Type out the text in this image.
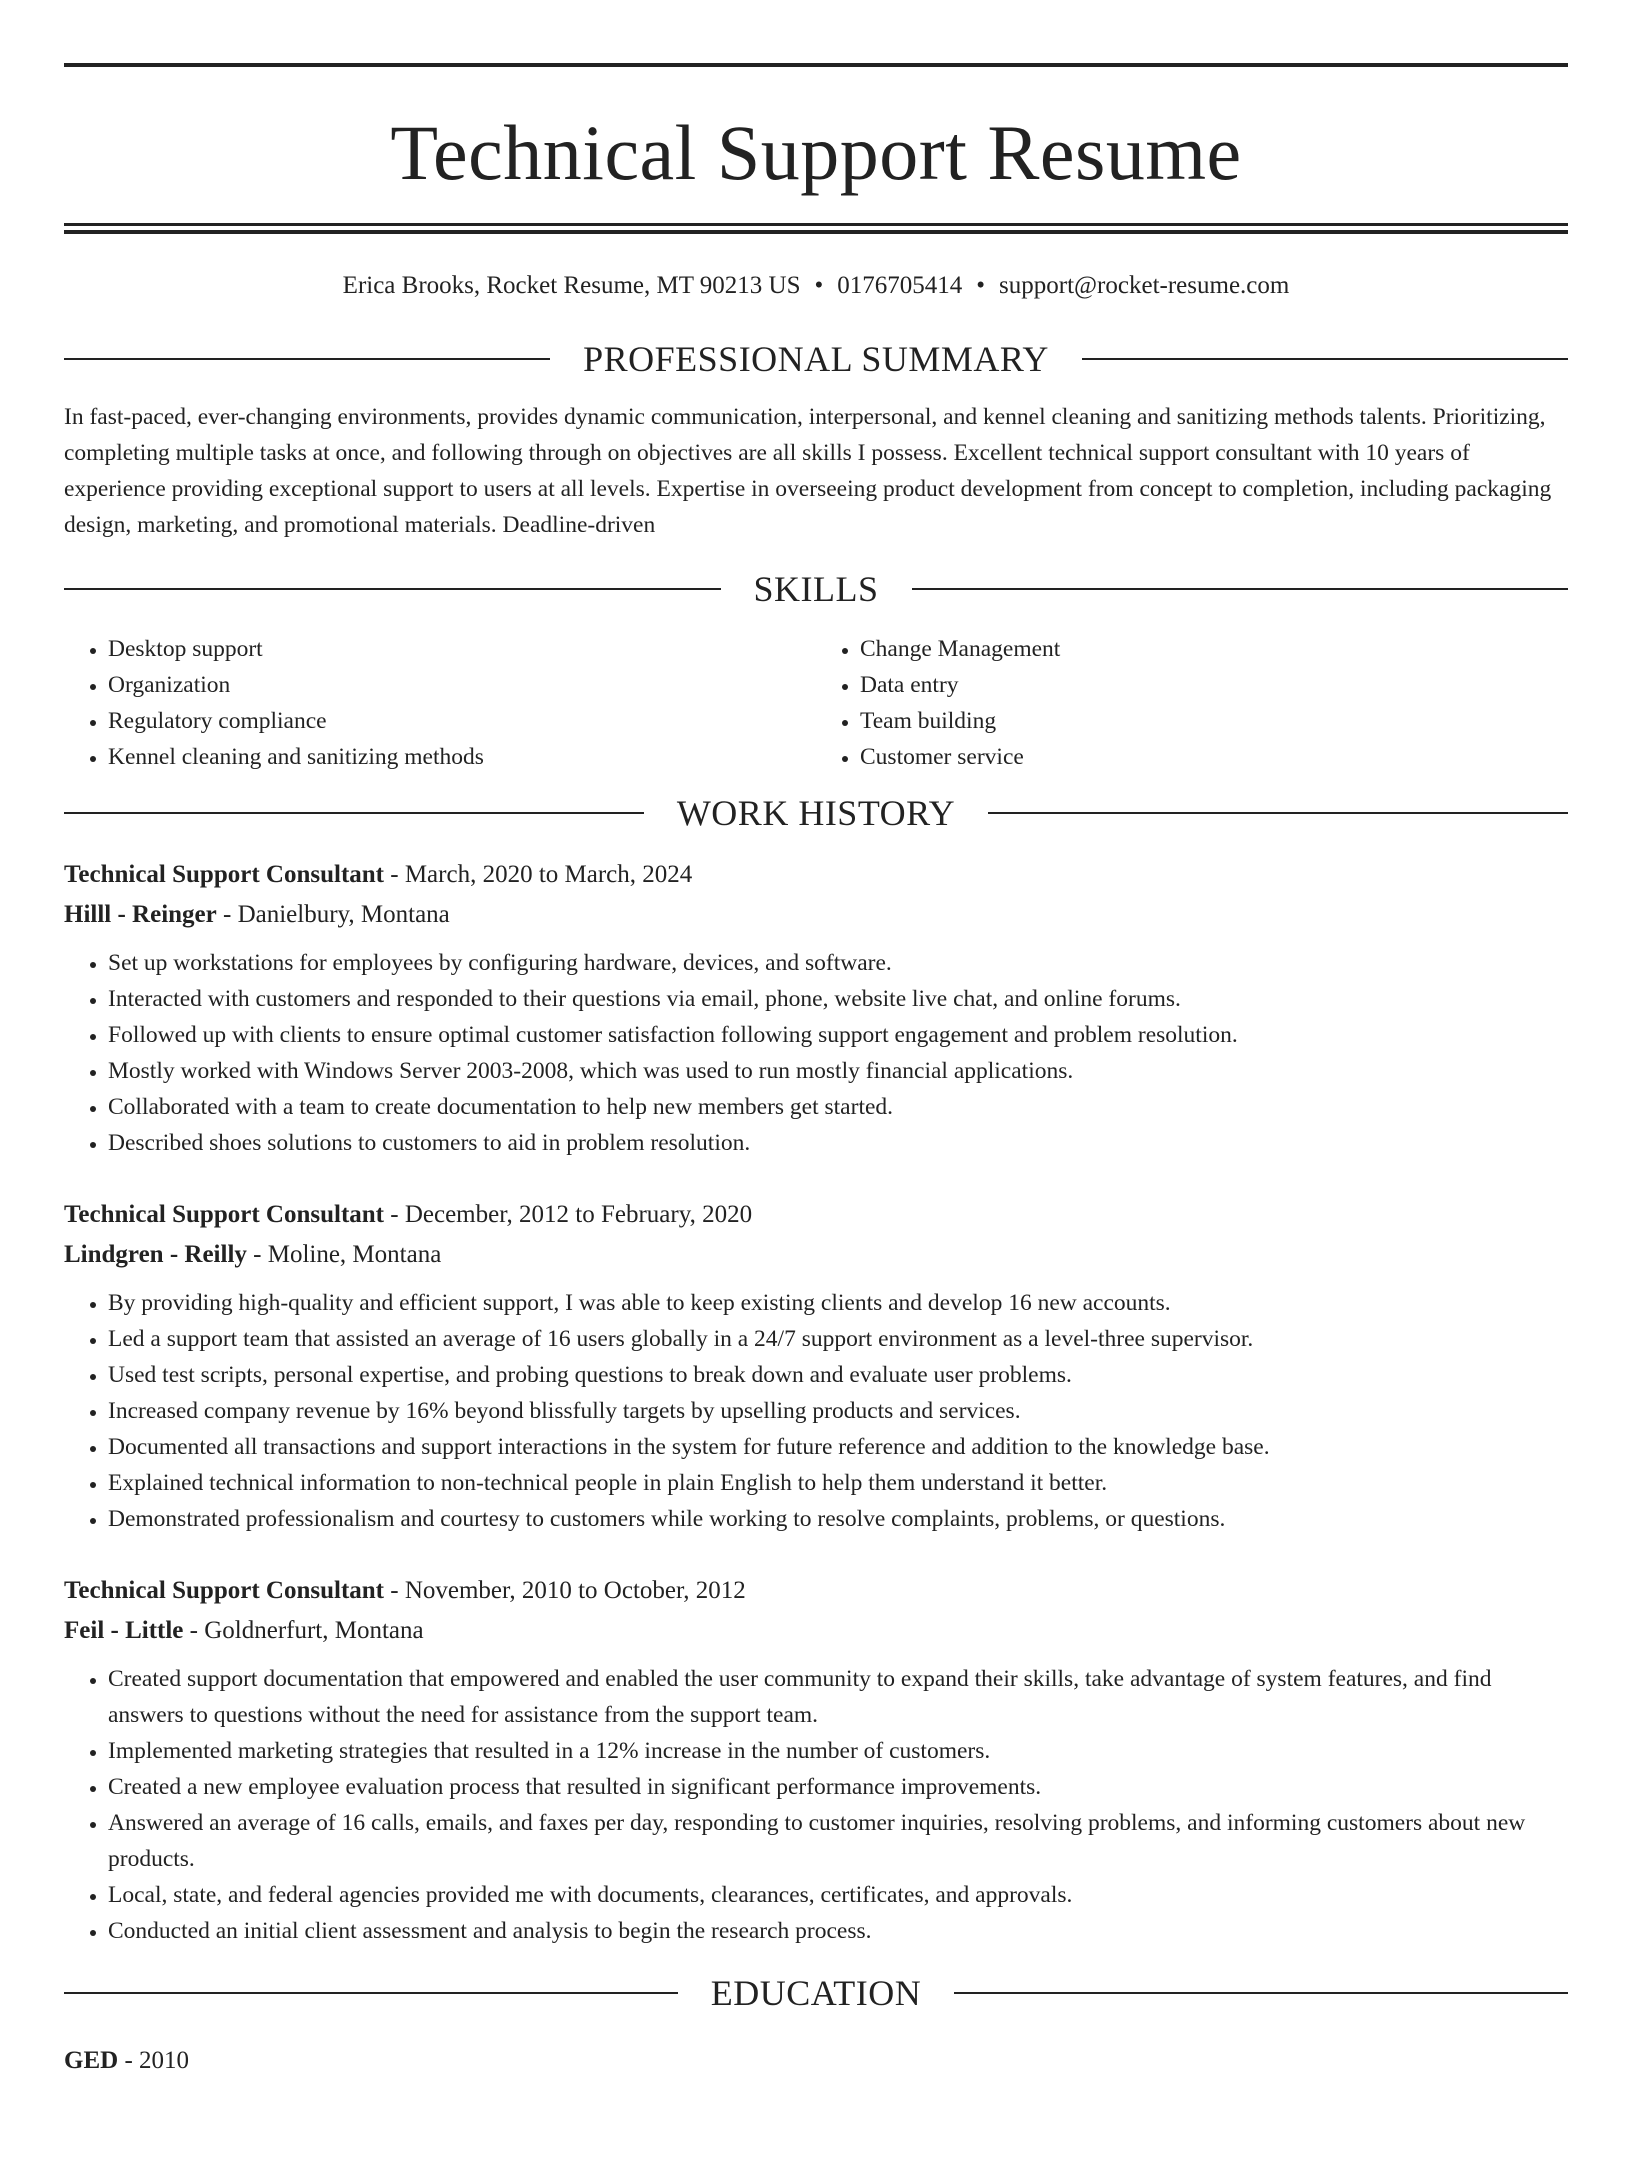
Technical Support Resume
Erica Brooks, Rocket Resume, MT 90213 US • 0176705414 • support@rocket-resume.com
PROFESSIONAL SUMMARY

In fast-paced, ever-changing environments, provides dynamic communication, interpersonal, and kennel cleaning and sanitizing methods talents. Prioritizing, completing multiple tasks at once, and following through on objectives are all skills I possess. Excellent technical support consultant with 10 years of experience providing exceptional support to users at all levels. Expertise in overseeing product development from concept to completion, including packaging design, marketing, and promotional materials. Deadline-driven

SKILLS
• Desktop support
• Organization
• Regulatory compliance
• Kennel cleaning and sanitizing methods
• Change Management
• Data entry
• Team building
• Customer service
WORK HISTORY
Technical Support Consultant - March, 2020 to March, 2024
Hilll - Reinger - Danielbury, Montana
• Set up workstations for employees by configuring hardware, devices, and software.
• Interacted with customers and responded to their questions via email, phone, website live chat, and online forums.
• Followed up with clients to ensure optimal customer satisfaction following support engagement and problem resolution.
• Mostly worked with Windows Server 2003-2008, which was used to run mostly financial applications.
• Collaborated with a team to create documentation to help new members get started.
• Described shoes solutions to customers to aid in problem resolution.
Technical Support Consultant - December, 2012 to February, 2020
Lindgren - Reilly - Moline, Montana
• By providing high-quality and efficient support, I was able to keep existing clients and develop 16 new accounts.
• Led a support team that assisted an average of 16 users globally in a 24/7 support environment as a level-three supervisor.
• Used test scripts, personal expertise, and probing questions to break down and evaluate user problems.
• Increased company revenue by 16% beyond blissfully targets by upselling products and services.
• Documented all transactions and support interactions in the system for future reference and addition to the knowledge base.
• Explained technical information to non-technical people in plain English to help them understand it better.
• Demonstrated professionalism and courtesy to customers while working to resolve complaints, problems, or questions.
Technical Support Consultant - November, 2010 to October, 2012
Feil - Little - Goldnerfurt, Montana
• Created support documentation that empowered and enabled the user community to expand their skills, take advantage of system features, and find answers to questions without the need for assistance from the support team.
• Implemented marketing strategies that resulted in a 12% increase in the number of customers.
• Created a new employee evaluation process that resulted in significant performance improvements.
• Answered an average of 16 calls, emails, and faxes per day, responding to customer inquiries, resolving problems, and informing customers about new products.
• Local, state, and federal agencies provided me with documents, clearances, certificates, and approvals.
• Conducted an initial client assessment and analysis to begin the research process.
EDUCATION
GED - 2010
